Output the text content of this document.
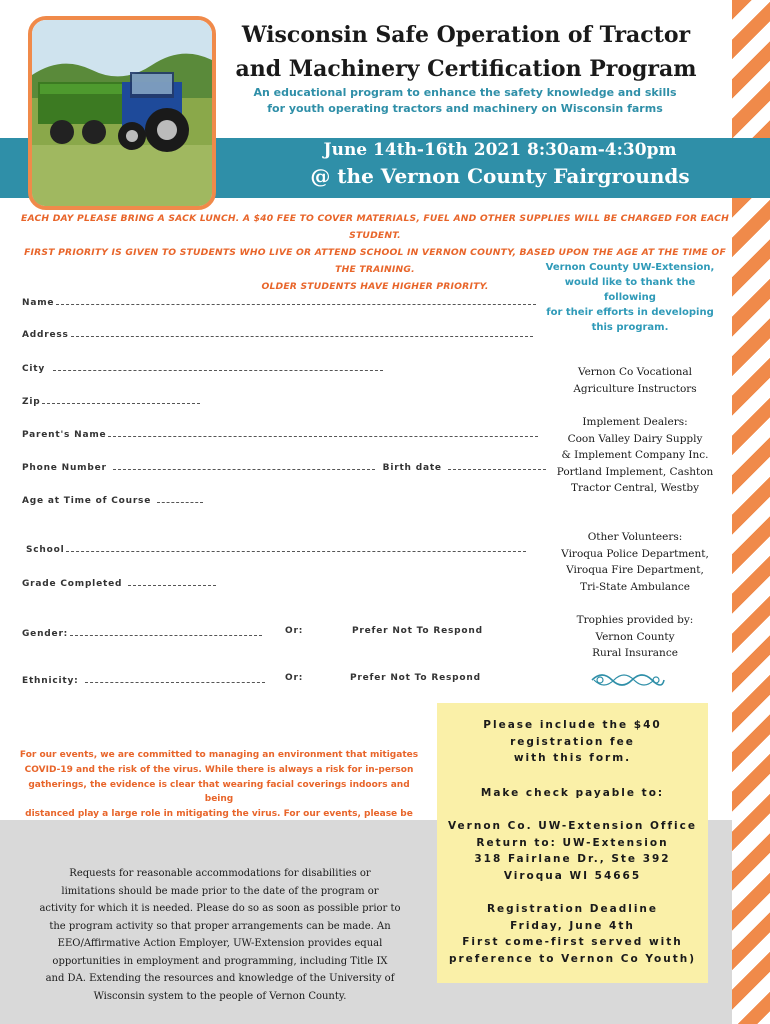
Wisconsin Safe Operation of Tractor
and Machinery Certification Program
An educational program to enhance the safety knowledge and skills
for youth operating tractors and machinery on Wisconsin farms
June 14th-16th 2021 8:30am-4:30pm
@ the Vernon County Fairgrounds
EACH DAY PLEASE BRING A SACK LUNCH. A $40 FEE TO COVER MATERIALS, FUEL AND OTHER SUPPLIES WILL BE CHARGED FOR EACH STUDENT.
FIRST PRIORITY IS GIVEN TO STUDENTS WHO LIVE OR ATTEND SCHOOL IN VERNON COUNTY, BASED UPON THE AGE AT THE TIME OF THE TRAINING.
OLDER STUDENTS HAVE HIGHER PRIORITY.
Name
Address
City
Zip
Parent's Name
Phone Number	Birth date
Age at Time of Course
School
Grade Completed
Gender:	Or:	Prefer Not To Respond
Ethnicity:	Or:	Prefer Not To Respond
Vernon County UW-Extension,
would like to thank the
following
for their efforts in developing
this program.
Vernon Co Vocational
Agriculture Instructors
Implement Dealers:
Coon Valley Dairy Supply
& Implement Company Inc.
Portland Implement, Cashton
Tractor Central, Westby
Other Volunteers:
Viroqua Police Department,
Viroqua Fire Department,
Tri-State Ambulance
Trophies provided by:
Vernon County
Rural Insurance
For our events, we are committed to managing an environment that mitigates
COVID-19 and the risk of the virus. While there is always a risk for in-person
gatherings, the evidence is clear that wearing facial coverings indoors and being
distanced play a large role in mitigating the virus. For our events, please be
Requests for reasonable accommodations for disabilities or
limitations should be made prior to the date of the program or
activity for which it is needed. Please do so as soon as possible prior to
the program activity so that proper arrangements can be made. An
EEO/Affirmative Action Employer, UW-Extension provides equal
opportunities in employment and programming, including Title IX
and DA. Extending the resources and knowledge of the University of
Wisconsin system to the people of Vernon County.
Please include the $40
registration fee
with this form.
Make check payable to:
Vernon Co. UW-Extension Office
Return to: UW-Extension
318 Fairlane Dr., Ste 392
Viroqua WI 54665
Registration Deadline
Friday, June 4th
First come-first served with
preference to Vernon Co Youth)
